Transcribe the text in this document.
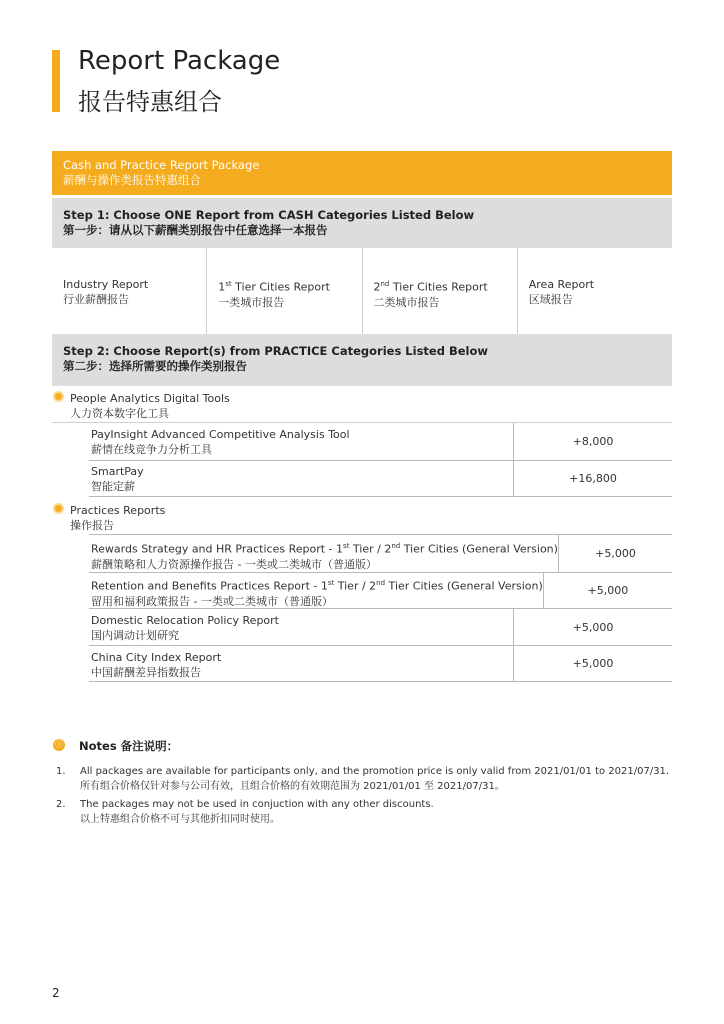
Report Package
报告特惠组合
Cash and Practice Report Package
薪酬与操作类报告特惠组合
Step 1: Choose ONE Report from CASH Categories Listed Below
第一步：请从以下薪酬类别报告中任意选择一本报告
Industry Report
行业薪酬报告
1st Tier Cities Report
一类城市报告
2nd Tier Cities Report
二类城市报告
Area Report
区域报告
Step 2: Choose Report(s) from PRACTICE Categories Listed Below
第二步：选择所需要的操作类别报告
People Analytics Digital Tools
人力资本数字化工具
PayInsight Advanced Competitive Analysis Tool
薪情在线竞争力分析工具
+8,000
SmartPay
智能定薪
+16,800
Practices Reports
操作报告
Rewards Strategy and HR Practices Report - 1st Tier / 2nd Tier Cities (General Version)
薪酬策略和人力资源操作报告 - 一类或二类城市（普通版）
+5,000
Retention and Benefits Practices Report - 1st Tier / 2nd Tier Cities (General Version)
留用和福利政策报告 - 一类或二类城市（普通版）
+5,000
Domestic Relocation Policy Report
国内调动计划研究
+5,000
China City Index Report
中国薪酬差异指数报告
+5,000
ⓘ Notes 备注说明：
1. All packages are available for participants only, and the promotion price is only valid from 2021/01/01 to 2021/07/31.
所有组合价格仅针对参与公司有效，且组合价格的有效期范围为 2021/01/01 至 2021/07/31。
2. The packages may not be used in conjuction with any other discounts.
以上特惠组合价格不可与其他折扣同时使用。
2
